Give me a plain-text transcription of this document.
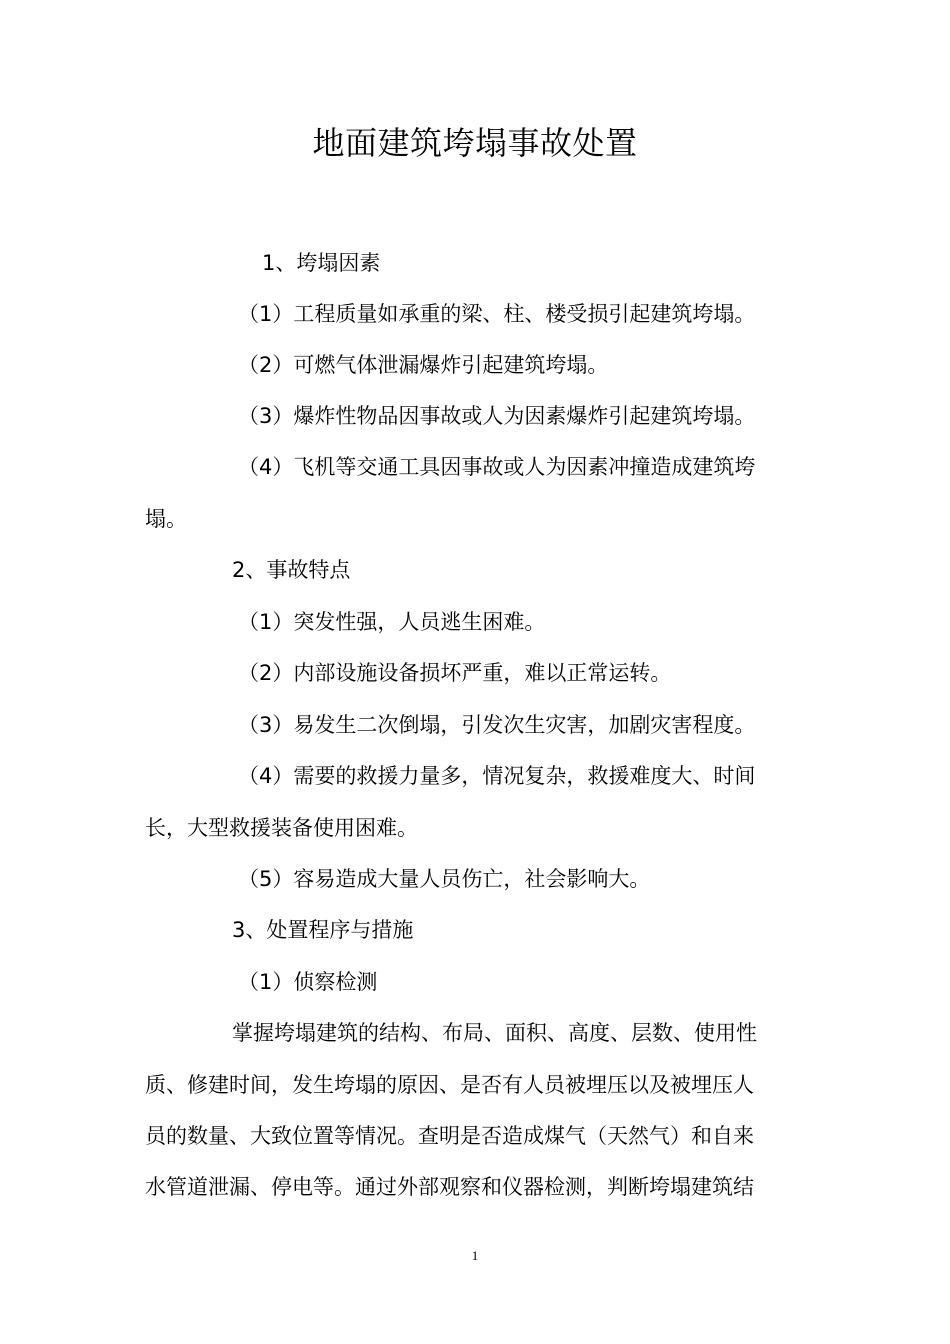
地面建筑垮塌事故处置

1、垮塌因素

（1）工程质量如承重的梁、柱、楼受损引起建筑垮塌。

（2）可燃气体泄漏爆炸引起建筑垮塌。

（3）爆炸性物品因事故或人为因素爆炸引起建筑垮塌。

（4）飞机等交通工具因事故或人为因素冲撞造成建筑垮

塌。

2、事故特点

（1）突发性强，人员逃生困难。

（2）内部设施设备损坏严重，难以正常运转。

（3）易发生二次倒塌，引发次生灾害，加剧灾害程度。

（4）需要的救援力量多，情况复杂，救援难度大、时间

长，大型救援装备使用困难。

（5）容易造成大量人员伤亡，社会影响大。

3、处置程序与措施

（1）侦察检测

掌握垮塌建筑的结构、布局、面积、高度、层数、使用性

质、修建时间，发生垮塌的原因、是否有人员被埋压以及被埋压人

员的数量、大致位置等情况。查明是否造成煤气（天然气）和自来

水管道泄漏、停电等。通过外部观察和仪器检测，判断垮塌建筑结

1
